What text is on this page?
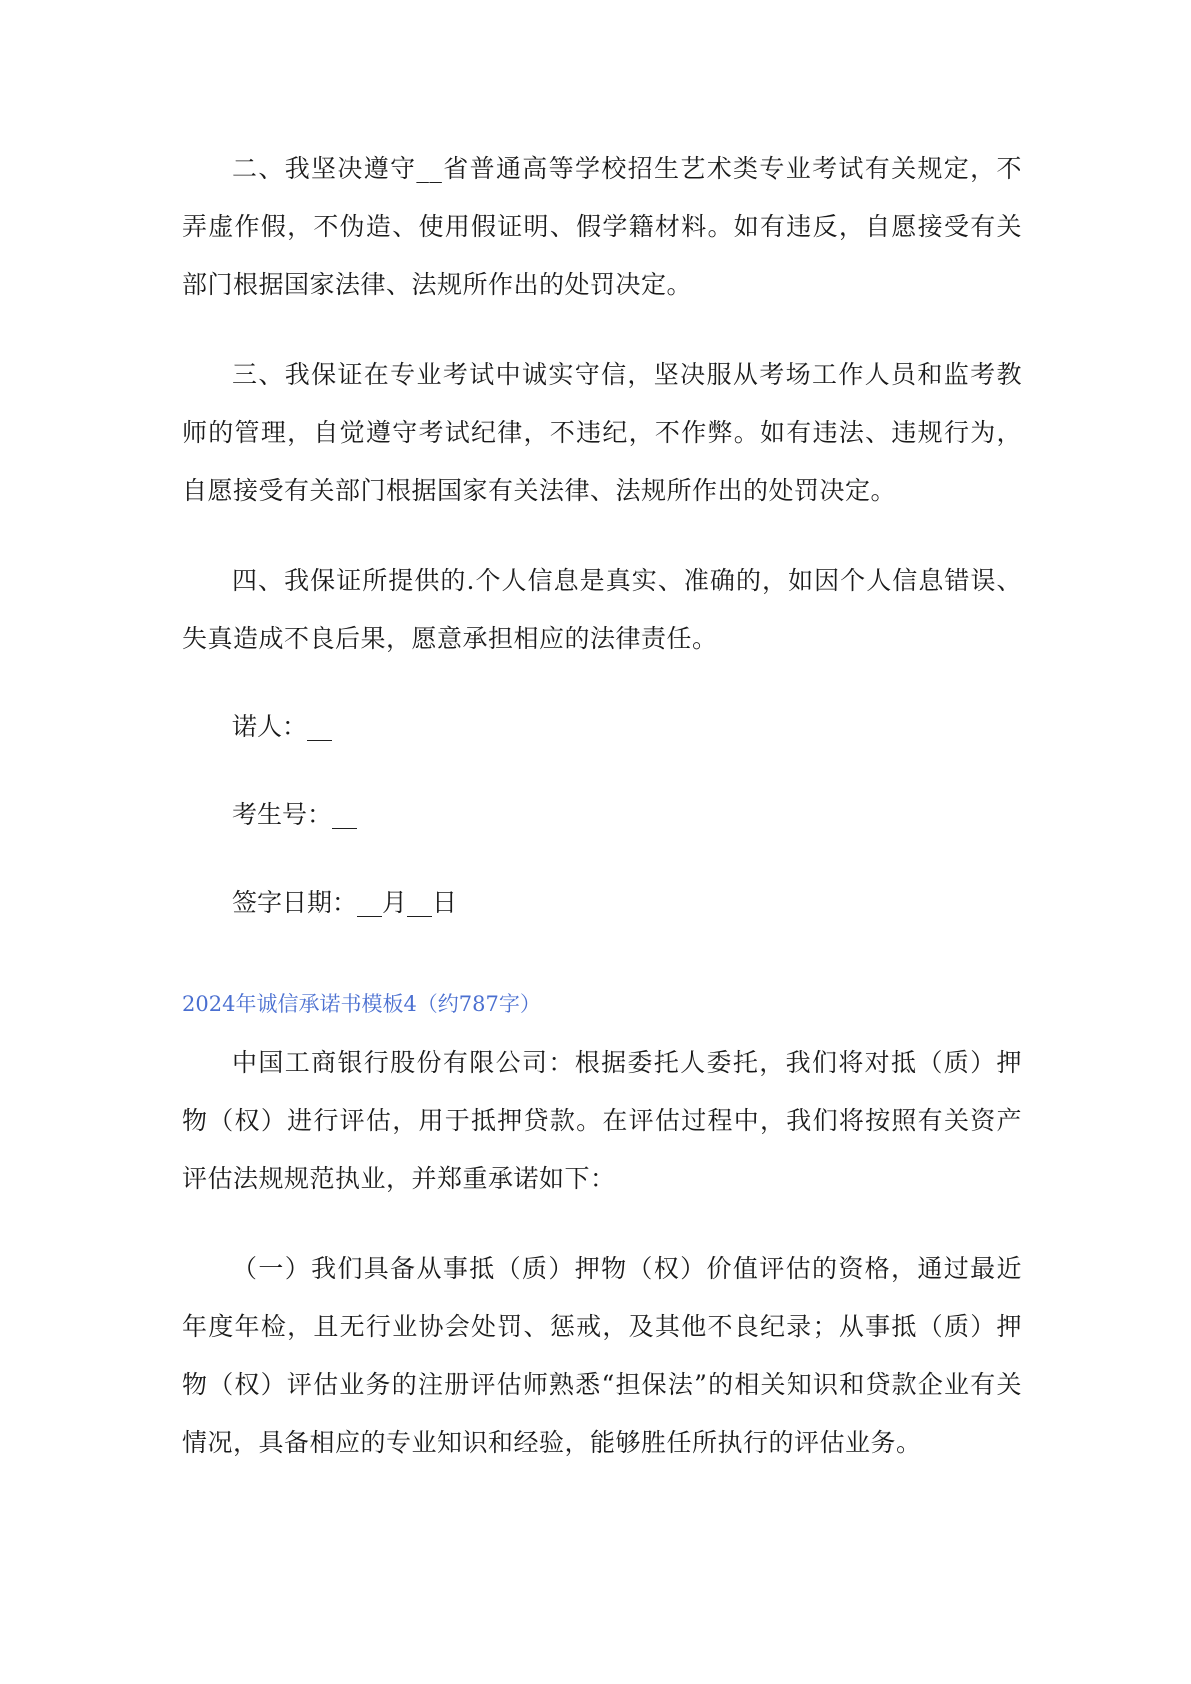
二、我坚决遵守__省普通高等学校招生艺术类专业考试有关规定，不弄虚作假，不伪造、使用假证明、假学籍材料。如有违反，自愿接受有关部门根据国家法律、法规所作出的处罚决定。

三、我保证在专业考试中诚实守信，坚决服从考场工作人员和监考教师的管理，自觉遵守考试纪律，不违纪，不作弊。如有违法、违规行为，自愿接受有关部门根据国家有关法律、法规所作出的处罚决定。

四、我保证所提供的.个人信息是真实、准确的，如因个人信息错误、失真造成不良后果，愿意承担相应的法律责任。

诺人：__

考生号：__

签字日期：__月__日

2024年诚信承诺书模板4（约787字）

中国工商银行股份有限公司：根据委托人委托，我们将对抵（质）押物（权）进行评估，用于抵押贷款。在评估过程中，我们将按照有关资产评估法规规范执业，并郑重承诺如下：

（一）我们具备从事抵（质）押物（权）价值评估的资格，通过最近年度年检，且无行业协会处罚、惩戒，及其他不良纪录；从事抵（质）押物（权）评估业务的注册评估师熟悉“担保法”的相关知识和贷款企业有关情况，具备相应的专业知识和经验，能够胜任所执行的评估业务。
